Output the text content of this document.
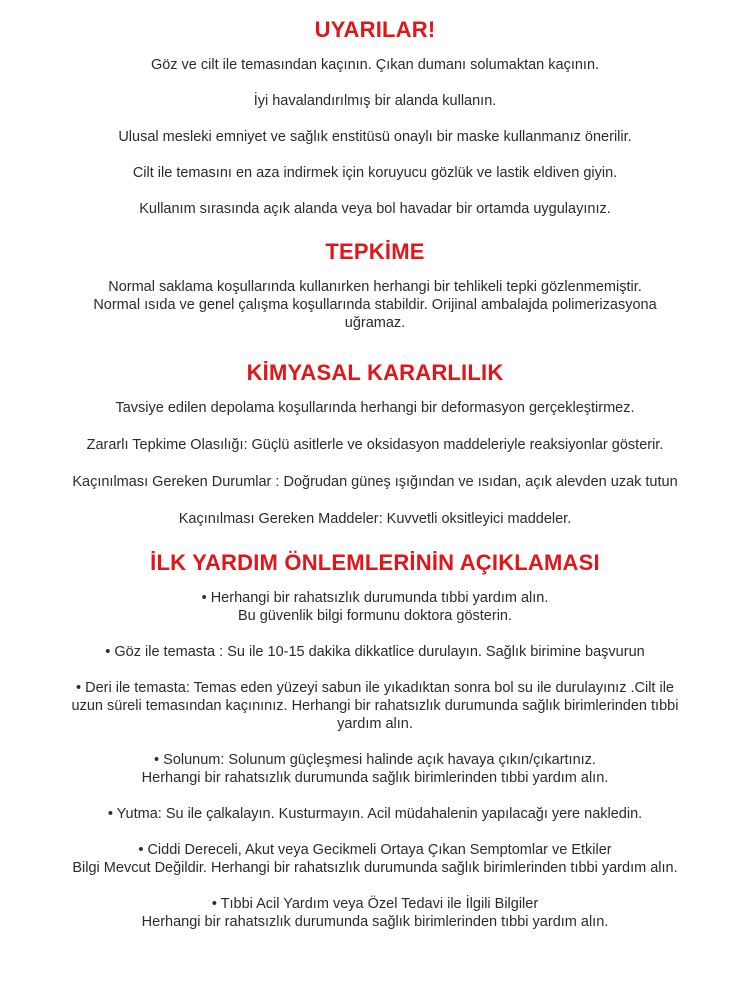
UYARILAR!

Göz ve cilt ile temasından kaçının. Çıkan dumanı solumaktan kaçının.

İyi havalandırılmış bir alanda kullanın.

Ulusal mesleki emniyet ve sağlık enstitüsü onaylı bir maske kullanmanız önerilir.

Cilt ile temasını en aza indirmek için koruyucu gözlük ve lastik eldiven giyin.

Kullanım sırasında açık alanda veya bol havadar bir ortamda uygulayınız.

TEPKİME

Normal saklama koşullarında kullanırken herhangi bir tehlikeli tepki gözlenmemiştir.
Normal ısıda ve genel çalışma koşullarında stabildir. Orijinal ambalajda polimerizasyona
uğramaz.

KİMYASAL KARARLILIK

Tavsiye edilen depolama koşullarında herhangi bir deformasyon gerçekleştirmez.

Zararlı Tepkime Olasılığı: Güçlü asitlerle ve oksidasyon maddeleriyle reaksiyonlar gösterir.

Kaçınılması Gereken Durumlar : Doğrudan güneş ışığından ve ısıdan, açık alevden uzak tutun

Kaçınılması Gereken Maddeler: Kuvvetli oksitleyici maddeler.

İLK YARDIM ÖNLEMLERİNİN AÇIKLAMASI

• Herhangi bir rahatsızlık durumunda tıbbi yardım alın.
Bu güvenlik bilgi formunu doktora gösterin.

• Göz ile temasta : Su ile 10-15 dakika dikkatlice durulayın. Sağlık birimine başvurun

• Deri ile temasta: Temas eden yüzeyi sabun ile yıkadıktan sonra bol su ile durulayınız .Cilt ile
uzun süreli temasından kaçınınız. Herhangi bir rahatsızlık durumunda sağlık birimlerinden tıbbi
yardım alın.

• Solunum: Solunum güçleşmesi halinde açık havaya çıkın/çıkartınız.
Herhangi bir rahatsızlık durumunda sağlık birimlerinden tıbbi yardım alın.

• Yutma: Su ile çalkalayın. Kusturmayın. Acil müdahalenin yapılacağı yere nakledin.

• Ciddi Dereceli, Akut veya Gecikmeli Ortaya Çıkan Semptomlar ve Etkiler
Bilgi Mevcut Değildir. Herhangi bir rahatsızlık durumunda sağlık birimlerinden tıbbi yardım alın.

• Tıbbi Acil Yardım veya Özel Tedavi ile İlgili Bilgiler
Herhangi bir rahatsızlık durumunda sağlık birimlerinden tıbbi yardım alın.
